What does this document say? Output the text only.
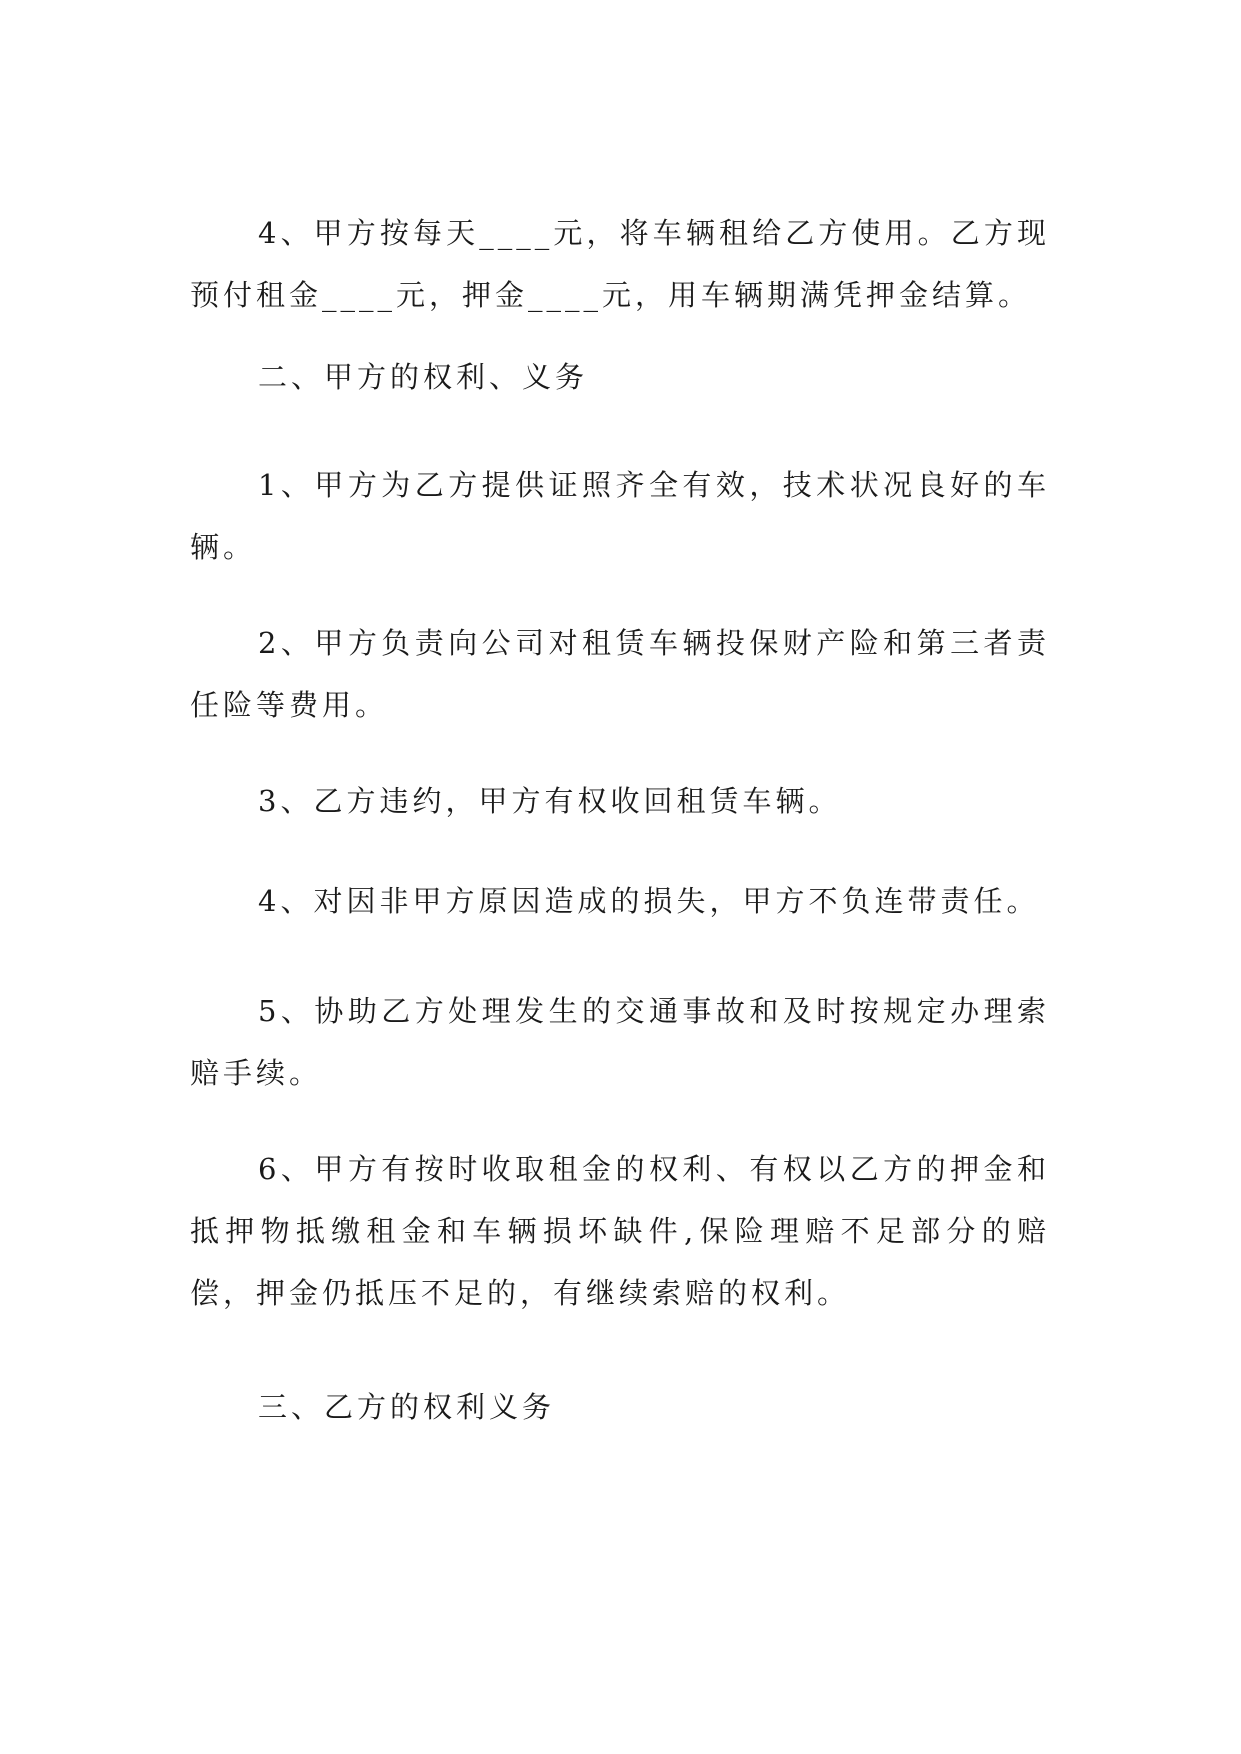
4、甲方按每天____元，将车辆租给乙方使用。乙方现预付租金____元，押金____元，用车辆期满凭押金结算。

二、甲方的权利、义务

1、甲方为乙方提供证照齐全有效，技术状况良好的车辆。

2、甲方负责向公司对租赁车辆投保财产险和第三者责任险等费用。

3、乙方违约，甲方有权收回租赁车辆。

4、对因非甲方原因造成的损失，甲方不负连带责任。

5、协助乙方处理发生的交通事故和及时按规定办理索赔手续。

6、甲方有按时收取租金的权利、有权以乙方的押金和抵押物抵缴租金和车辆损坏缺件,保险理赔不足部分的赔偿，押金仍抵压不足的，有继续索赔的权利。

三、乙方的权利义务
